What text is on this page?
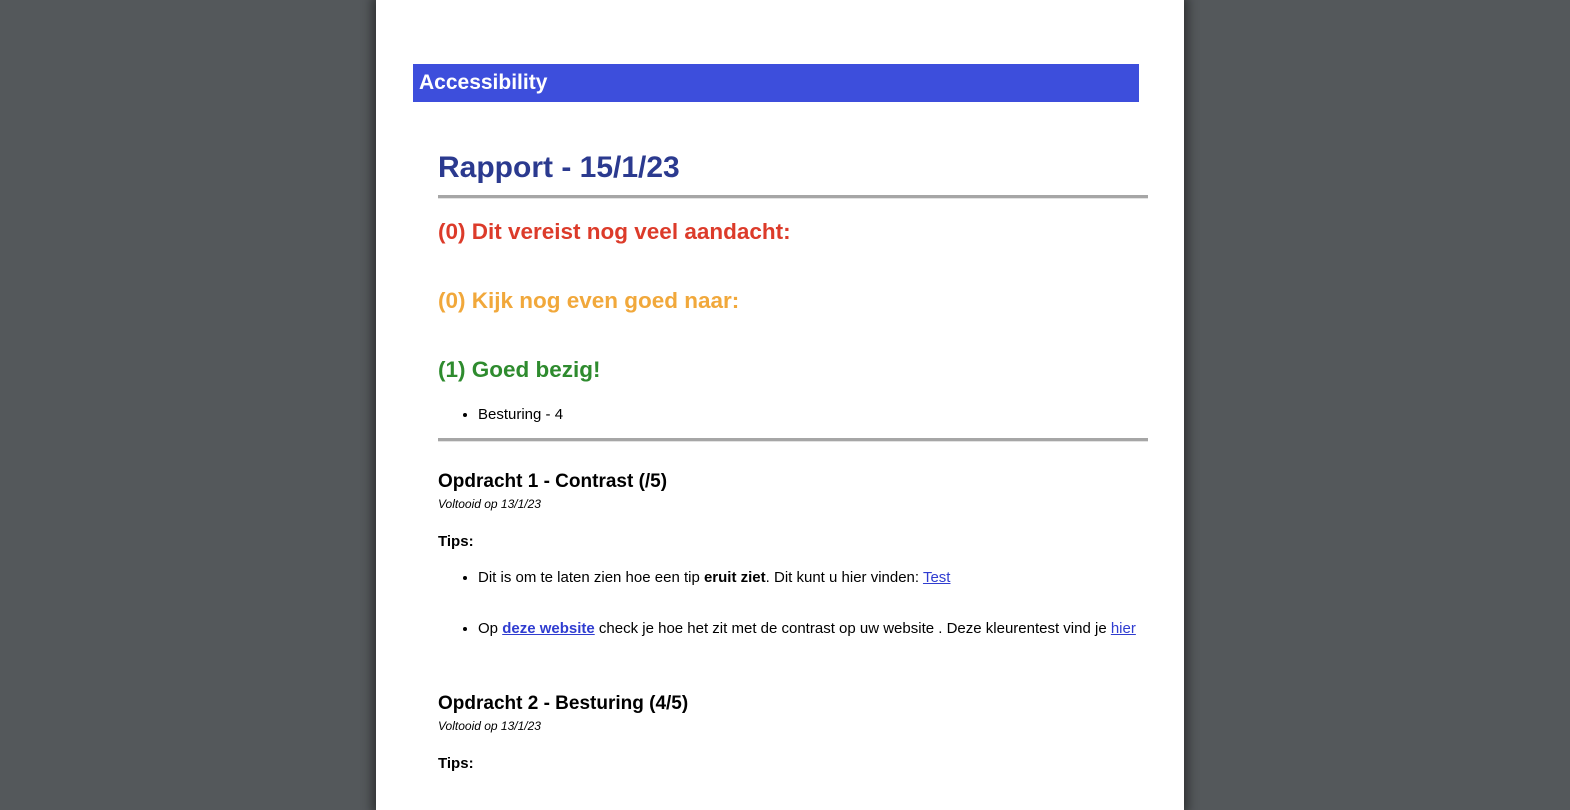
Accessibility
Rapport - 15/1/23
(0) Dit vereist nog veel aandacht:
(0) Kijk nog even goed naar:
(1) Goed bezig!
• Besturing - 4
Opdracht 1 - Contrast (/5)

Voltooid op 13/1/23

Tips:

• Dit is om te laten zien hoe een tip eruit ziet. Dit kunt u hier vinden: Test
• Op deze website check je hoe het zit met de contrast op uw website . Deze kleurentest vind je hier
Opdracht 2 - Besturing (4/5)

Voltooid op 13/1/23

Tips:
